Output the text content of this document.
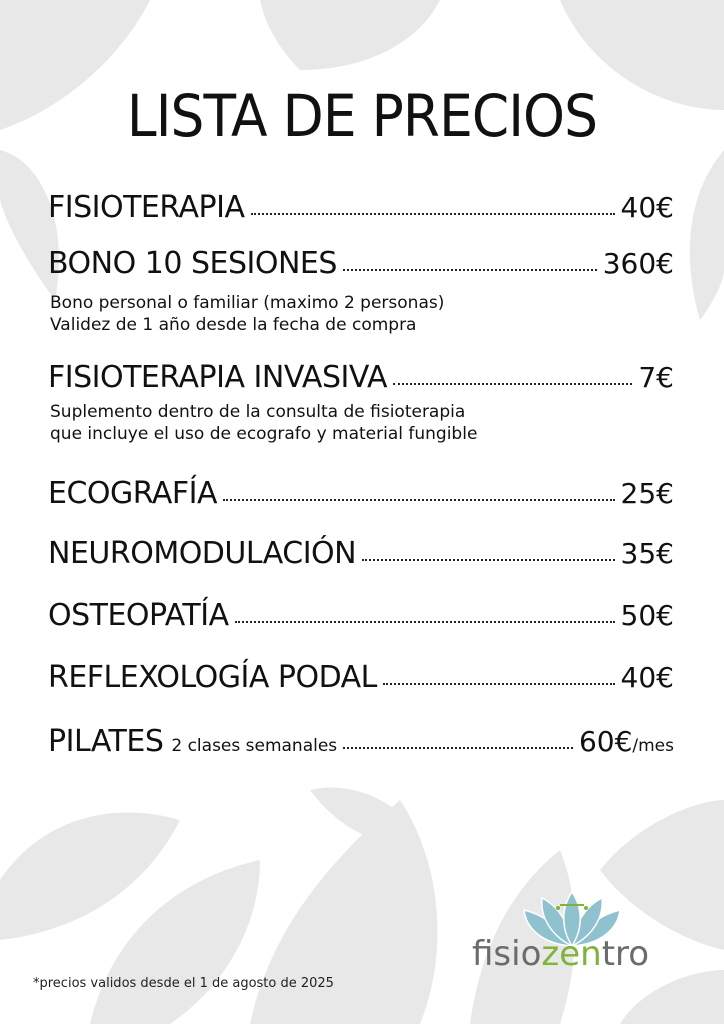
LISTA DE PRECIOS
FISIOTERAPIA	40€
BONO 10 SESIONES	360€
Bono personal o familiar (maximo 2 personas)
Validez de 1 año desde la fecha de compra
FISIOTERAPIA INVASIVA	7€
Suplemento dentro de la consulta de fisioterapia
que incluye el uso de ecografo y material fungible
ECOGRAFÍA	25€
NEUROMODULACIÓN	35€
OSTEOPATÍA	50€
REFLEXOLOGÍA PODAL	40€
PILATES 2 clases semanales	60€ /mes
*precios validos desde el 1 de agosto de 2025
fisiozentro
